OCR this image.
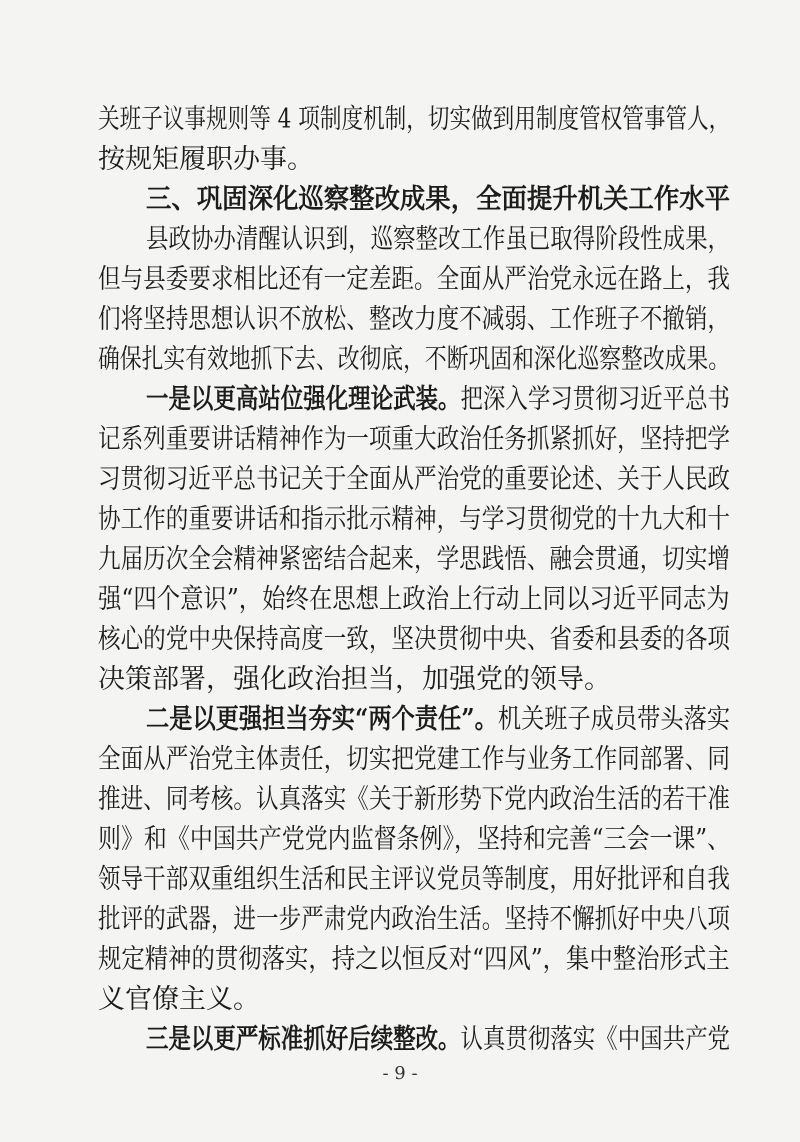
关班子议事规则等 4 项制度机制，切实做到用制度管权管事管人，
按规矩履职办事。
三、巩固深化巡察整改成果，全面提升机关工作水平
县政协办清醒认识到，巡察整改工作虽已取得阶段性成果，
但与县委要求相比还有一定差距。全面从严治党永远在路上，我
们将坚持思想认识不放松、整改力度不减弱、工作班子不撤销，
确保扎实有效地抓下去、改彻底，不断巩固和深化巡察整改成果。
一是以更高站位强化理论武装。把深入学习贯彻习近平总书
记系列重要讲话精神作为一项重大政治任务抓紧抓好，坚持把学
习贯彻习近平总书记关于全面从严治党的重要论述、关于人民政
协工作的重要讲话和指示批示精神，与学习贯彻党的十九大和十
九届历次全会精神紧密结合起来，学思践悟、融会贯通，切实增
强“四个意识”，始终在思想上政治上行动上同以习近平同志为
核心的党中央保持高度一致，坚决贯彻中央、省委和县委的各项
决策部署，强化政治担当，加强党的领导。
二是以更强担当夯实“两个责任”。机关班子成员带头落实
全面从严治党主体责任，切实把党建工作与业务工作同部署、同
推进、同考核。认真落实《关于新形势下党内政治生活的若干准
则》和《中国共产党党内监督条例》，坚持和完善“三会一课”、
领导干部双重组织生活和民主评议党员等制度，用好批评和自我
批评的武器，进一步严肃党内政治生活。坚持不懈抓好中央八项
规定精神的贯彻落实，持之以恒反对“四风”，集中整治形式主
义官僚主义。
三是以更严标准抓好后续整改。认真贯彻落实《中国共产党
- 9 -
